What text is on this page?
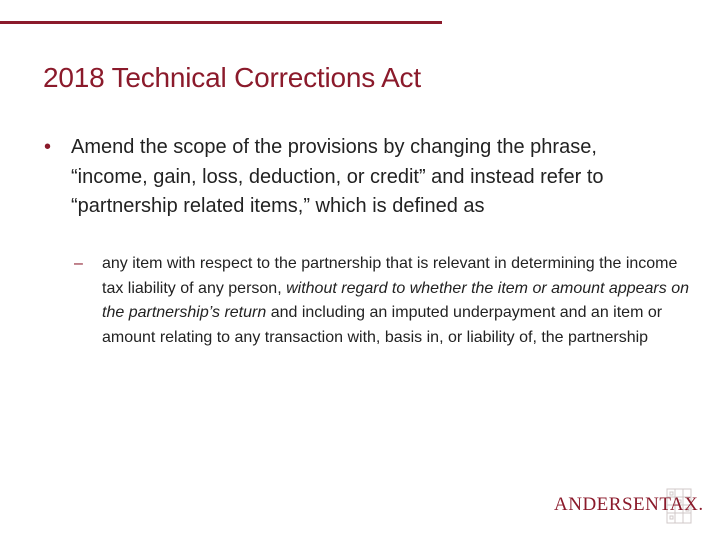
2018 Technical Corrections Act
• Amend the scope of the provisions by changing the phrase, “income, gain, loss, deduction, or credit” and instead refer to “partnership related items,” which is defined as
–	any item with respect to the partnership that is relevant in determining the income tax liability of any person, without regard to whether the item or amount appears on the partnership’s return and including an imputed underpayment and an item or amount relating to any transaction with, basis in, or liability of, the partnership
ANDERSENTAX.
